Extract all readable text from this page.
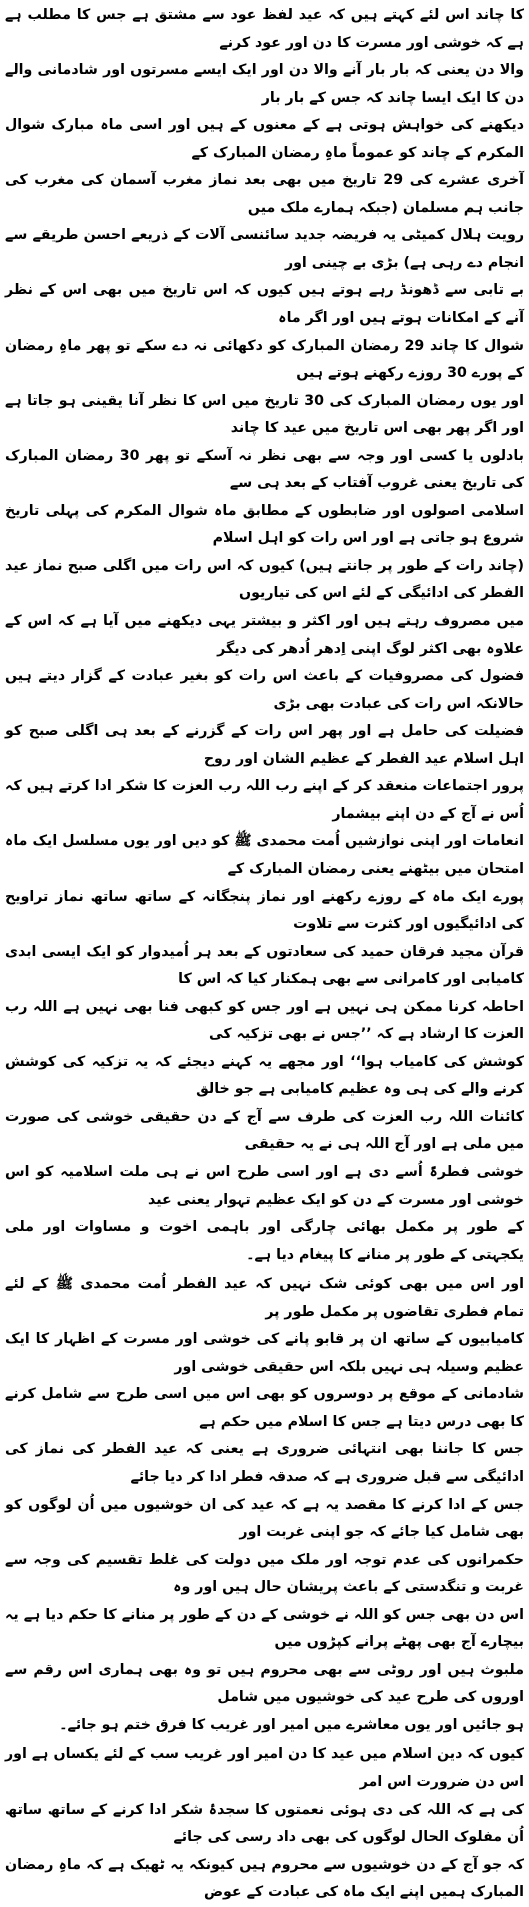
کا چاند اس لئے کہتے ہیں کہ عید لفظ عود سے مشتق ہے جس کا مطلب ہے ہے کہ خوشی اور مسرت کا دن اور عود کرنے
والا دن یعنی کہ بار بار آنے والا دن اور ایک ایسے مسرتوں اور شادمانی والے دن کا ایک ایسا چاند کہ جس کے بار بار
دیکھنے کی خواہش ہوتی ہے کے معنوں کے ہیں اور اسی ماہ مبارک شوال المکرم کے چاند کو عموماً ماہِ رمضان المبارک کے
آخری عشرے کی 29 تاریخ میں بھی بعد نماز مغرب آسمان کی مغرب کی جانب ہم مسلمان (جبکہ ہمارے ملک میں
رویت ہلال کمیٹی یہ فریضہ جدید سائنسی آلات کے ذریعے احسن طریقے سے انجام دے رہی ہے) بڑی بے چینی اور
بے تابی سے ڈھونڈ رہے ہوتے ہیں کیوں کہ اس تاریخ میں بھی اس کے نظر آنے کے امکانات ہوتے ہیں اور اگر ماہ
شوال کا چاند 29 رمضان المبارک کو دکھائی نہ دے سکے تو پھر ماہِ رمضان کے پورے 30 روزے رکھنے ہوتے ہیں
اور یوں رمضان المبارک کی 30 تاریخ میں اس کا نظر آنا یقینی ہو جاتا ہے اور اگر پھر بھی اس تاریخ میں عید کا چاند
بادلوں یا کسی اور وجہ سے بھی نظر نہ آسکے تو پھر 30 رمضان المبارک کی تاریخ یعنی غروب آفتاب کے بعد ہی سے
اسلامی اصولوں اور ضابطوں کے مطابق ماہ شوال المکرم کی پہلی تاریخ شروع ہو جاتی ہے اور اس رات کو اہل اسلام
(چاند رات کے طور پر جانتے ہیں) کیوں کہ اس رات میں اگلی صبح نماز عید الفطر کی ادائیگی کے لئے اس کی تیاریوں
میں مصروف رہتے ہیں اور اکثر و بیشتر یہی دیکھنے میں آیا ہے کہ اس کے علاوہ بھی اکثر لوگ اپنی اِدھر اُدھر کی دیگر
فضول کی مصروفیات کے باعث اس رات کو بغیر عبادت کے گزار دیتے ہیں حالانکہ اس رات کی عبادت بھی بڑی
فضیلت کی حامل ہے اور پھر اس رات کے گزرنے کے بعد ہی اگلی صبح کو اہل اسلام عید الفطر کے عظیم الشان اور روح
پرور اجتماعات منعقد کر کے اپنے رب اللہ رب العزت کا شکر ادا کرتے ہیں کہ اُس نے آج کے دن اپنے بیشمار
انعامات اور اپنی نوازشیں اُمت محمدی ﷺ کو دیں اور یوں مسلسل ایک ماہ امتحان میں بیٹھنے یعنی رمضان المبارک کے
پورے ایک ماہ کے روزے رکھنے اور نماز پنجگانہ کے ساتھ ساتھ نماز تراویح کی ادائیگیوں اور کثرت سے تلاوت
قرآن مجید فرقان حمید کی سعادتوں کے بعد ہر اُمیدوار کو ایک ایسی ابدی کامیابی اور کامرانی سے بھی ہمکنار کیا کہ اس کا
احاطہ کرنا ممکن ہی نہیں ہے اور جس کو کبھی فنا بھی نہیں ہے اللہ رب العزت کا ارشاد ہے کہ ’’جس نے بھی تزکیہ کی
کوشش کی کامیاب ہوا‘‘ اور مجھے یہ کہنے دیجئے کہ یہ تزکیہ کی کوشش کرنے والے کی ہی وہ عظیم کامیابی ہے جو خالق
کائنات اللہ رب العزت کی طرف سے آج کے دن حقیقی خوشی کی صورت میں ملی ہے اور آج اللہ ہی نے یہ حقیقی
خوشی فطرۃً اُسے دی ہے اور اسی طرح اس نے ہی ملت اسلامیہ کو اس خوشی اور مسرت کے دن کو ایک عظیم تہوار یعنی عید
کے طور پر مکمل بھائی چارگی اور باہمی اخوت و مساوات اور ملی یکجہتی کے طور پر منانے کا پیغام دیا ہے۔

اور اس میں بھی کوئی شک نہیں کہ عید الفطر اُمت محمدی ﷺ کے لئے تمام فطری تقاضوں پر مکمل طور پر
کامیابیوں کے ساتھ ان پر قابو پانے کی خوشی اور مسرت کے اظہار کا ایک عظیم وسیلہ ہی نہیں بلکہ اس حقیقی خوشی اور
شادمانی کے موقع پر دوسروں کو بھی اس میں اسی طرح سے شامل کرنے کا بھی درس دیتا ہے جس کا اسلام میں حکم ہے
جس کا جاننا بھی انتہائی ضروری ہے یعنی کہ عید الفطر کی نماز کی ادائیگی سے قبل ضروری ہے کہ صدقہ فطر ادا کر دیا جائے
جس کے ادا کرنے کا مقصد یہ ہے کہ عید کی ان خوشیوں میں اُن لوگوں کو بھی شامل کیا جائے کہ جو اپنی غربت اور
حکمرانوں کی عدم توجہ اور ملک میں دولت کی غلط تقسیم کی وجہ سے غربت و تنگدستی کے باعث پریشان حال ہیں اور وہ
اس دن بھی جس کو اللہ نے خوشی کے دن کے طور پر منانے کا حکم دیا ہے یہ بیچارے آج بھی پھٹے پرانے کپڑوں میں
ملبوث ہیں اور روٹی سے بھی محروم ہیں تو وہ بھی ہماری اس رقم سے اوروں کی طرح عید کی خوشیوں میں شامل
ہو جائیں اور یوں معاشرے میں امیر اور غریب کا فرق ختم ہو جائے۔

کیوں کہ دین اسلام میں عید کا دن امیر اور غریب سب کے لئے یکساں ہے اور اس دن ضرورت اس امر
کی ہے کہ اللہ کی دی ہوئی نعمتوں کا سجدۂ شکر ادا کرنے کے ساتھ ساتھ اُن مفلوک الحال لوگوں کی بھی داد رسی کی جائے
کہ جو آج کے دن خوشیوں سے محروم ہیں کیونکہ یہ ٹھیک ہے کہ ماہِ رمضان المبارک ہمیں اپنے ایک ماہ کی عبادت کے عوض
